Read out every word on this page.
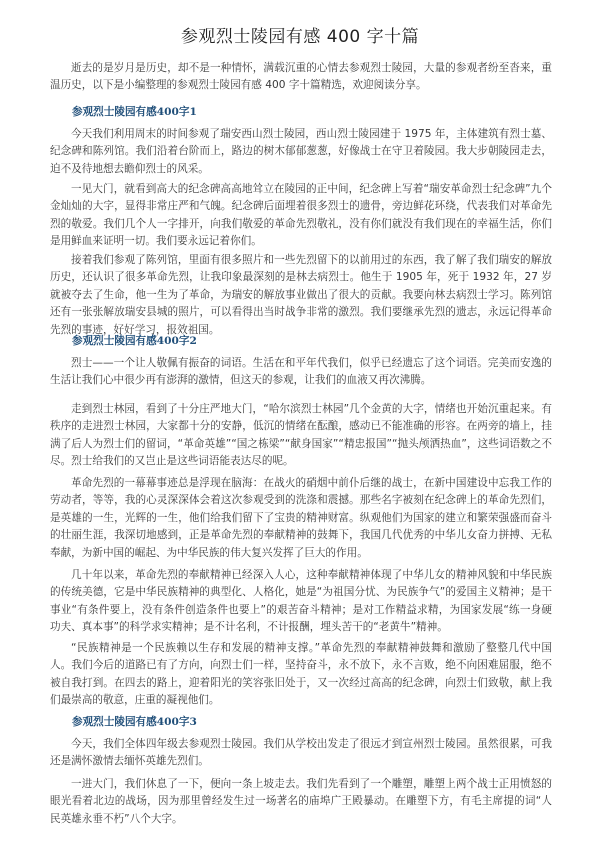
参观烈士陵园有感 400 字十篇
逝去的是岁月是历史，却不是一种情怀，满载沉重的心情去参观烈士陵园，大量的参观者纷至沓来，重温历史，以下是小编整理的参观烈士陵园有感 400 字十篇精选，欢迎阅读分享。
参观烈士陵园有感400字1
今天我们利用周末的时间参观了瑞安西山烈士陵园，西山烈士陵园建于 1975 年，主体建筑有烈士墓、纪念碑和陈列馆。我们沿着台阶而上，路边的树木郁郁葱葱，好像战士在守卫着陵园。我大步朝陵园走去，迫不及待地想去瞻仰烈士的风采。
一见大门，就看到高大的纪念碑高高地耸立在陵园的正中间，纪念碑上写着“瑞安革命烈士纪念碑”九个金灿灿的大字，显得非常庄严和气魄。纪念碑后面埋着很多烈士的遗骨，旁边鲜花环绕，代表我们对革命先烈的敬爱。我们几个人一字排开，向我们敬爱的革命先烈敬礼，没有你们就没有我们现在的幸福生活，你们是用鲜血来证明一切。我们要永远记着你们。
接着我们参观了陈列馆，里面有很多照片和一些先烈留下的以前用过的东西，我了解了我们瑞安的解放历史，还认识了很多革命先烈，让我印象最深刻的是林去病烈士。他生于 1905 年，死于 1932 年，27 岁就被夺去了生命，他一生为了革命，为瑞安的解放事业做出了很大的贡献。我要向林去病烈士学习。陈列馆还有一张张解放瑞安县城的照片，可以看得出当时战争非常的激烈。我们要继承先烈的遗志，永远记得革命先烈的事迹，好好学习，报效祖国。
参观烈士陵园有感400字2
烈士——一个让人敬佩有振奋的词语。生活在和平年代我们，似乎已经遗忘了这个词语。完美而安逸的生活让我们心中很少再有澎湃的激情，但这天的参观，让我们的血液又再次沸腾。
走到烈士林园，看到了十分庄严地大门，“哈尔滨烈士林园”几个金黄的大字，情绪也开始沉重起来。有秩序的走进烈士林园，大家都十分的安静，低沉的情绪在酝酿，感动已不能准确的形容。在两旁的墙上，挂满了后人为烈士们的留词，“革命英雄”“国之栋梁”“献身国家”“精忠报国”“抛头颅洒热血”，这些词语数之不尽。烈士给我们的又岂止是这些词语能表达尽的呢。
革命先烈的一幕幕事迹总是浮现在脑海：在战火的硝烟中前仆后继的战士，在新中国建设中忘我工作的劳动者，等等，我的心灵深深体会着这次参观受到的洗涤和震撼。那些名字被刻在纪念碑上的革命先烈们，是英雄的一生，光辉的一生，他们给我们留下了宝贵的精神财富。纵观他们为国家的建立和繁荣强盛而奋斗的壮丽生涯，我深切地感到，正是革命先烈的奉献精神的鼓舞下，我国几代优秀的中华儿女奋力拼搏、无私奉献，为新中国的崛起、为中华民族的伟大复兴发挥了巨大的作用。
几十年以来，革命先烈的奉献精神已经深入人心，这种奉献精神体现了中华儿女的精神风貌和中华民族的传统美德，它是中华民族精神的典型化、人格化，她是“为祖国分忧、为民族争气”的爱国主义精神；是干事业“有条件要上，没有条件创造条件也要上”的艰苦奋斗精神；是对工作精益求精，为国家发展“练一身硬功夫、真本事”的科学求实精神；是不计名利，不计报酬，埋头苦干的“老黄牛”精神。
“民族精神是一个民族赖以生存和发展的精神支撑。”革命先烈的奉献精神鼓舞和激励了整整几代中国人。我们今后的道路已有了方向，向烈士们一样，坚持奋斗，永不放下，永不言败，绝不向困难屈服，绝不被自我打到。在四去的路上，迎着阳光的笑容张旧处于，又一次经过高高的纪念碑，向烈士们致敬，献上我们最崇高的敬意，庄重的凝视他们。
参观烈士陵园有感400字3
今天，我们全体四年级去参观烈士陵园。我们从学校出发走了很远才到宣州烈士陵园。虽然很累，可我还是满怀激情去缅怀英雄先烈们。
一进大门，我们休息了一下，便向一条上坡走去。我们先看到了一个雕塑，雕塑上两个战士正用愤怒的眼光看着北边的战场，因为那里曾经发生过一场著名的庙埠广王殿暴动。在雕塑下方，有毛主席提的词“人民英雄永垂不朽”八个大字。
